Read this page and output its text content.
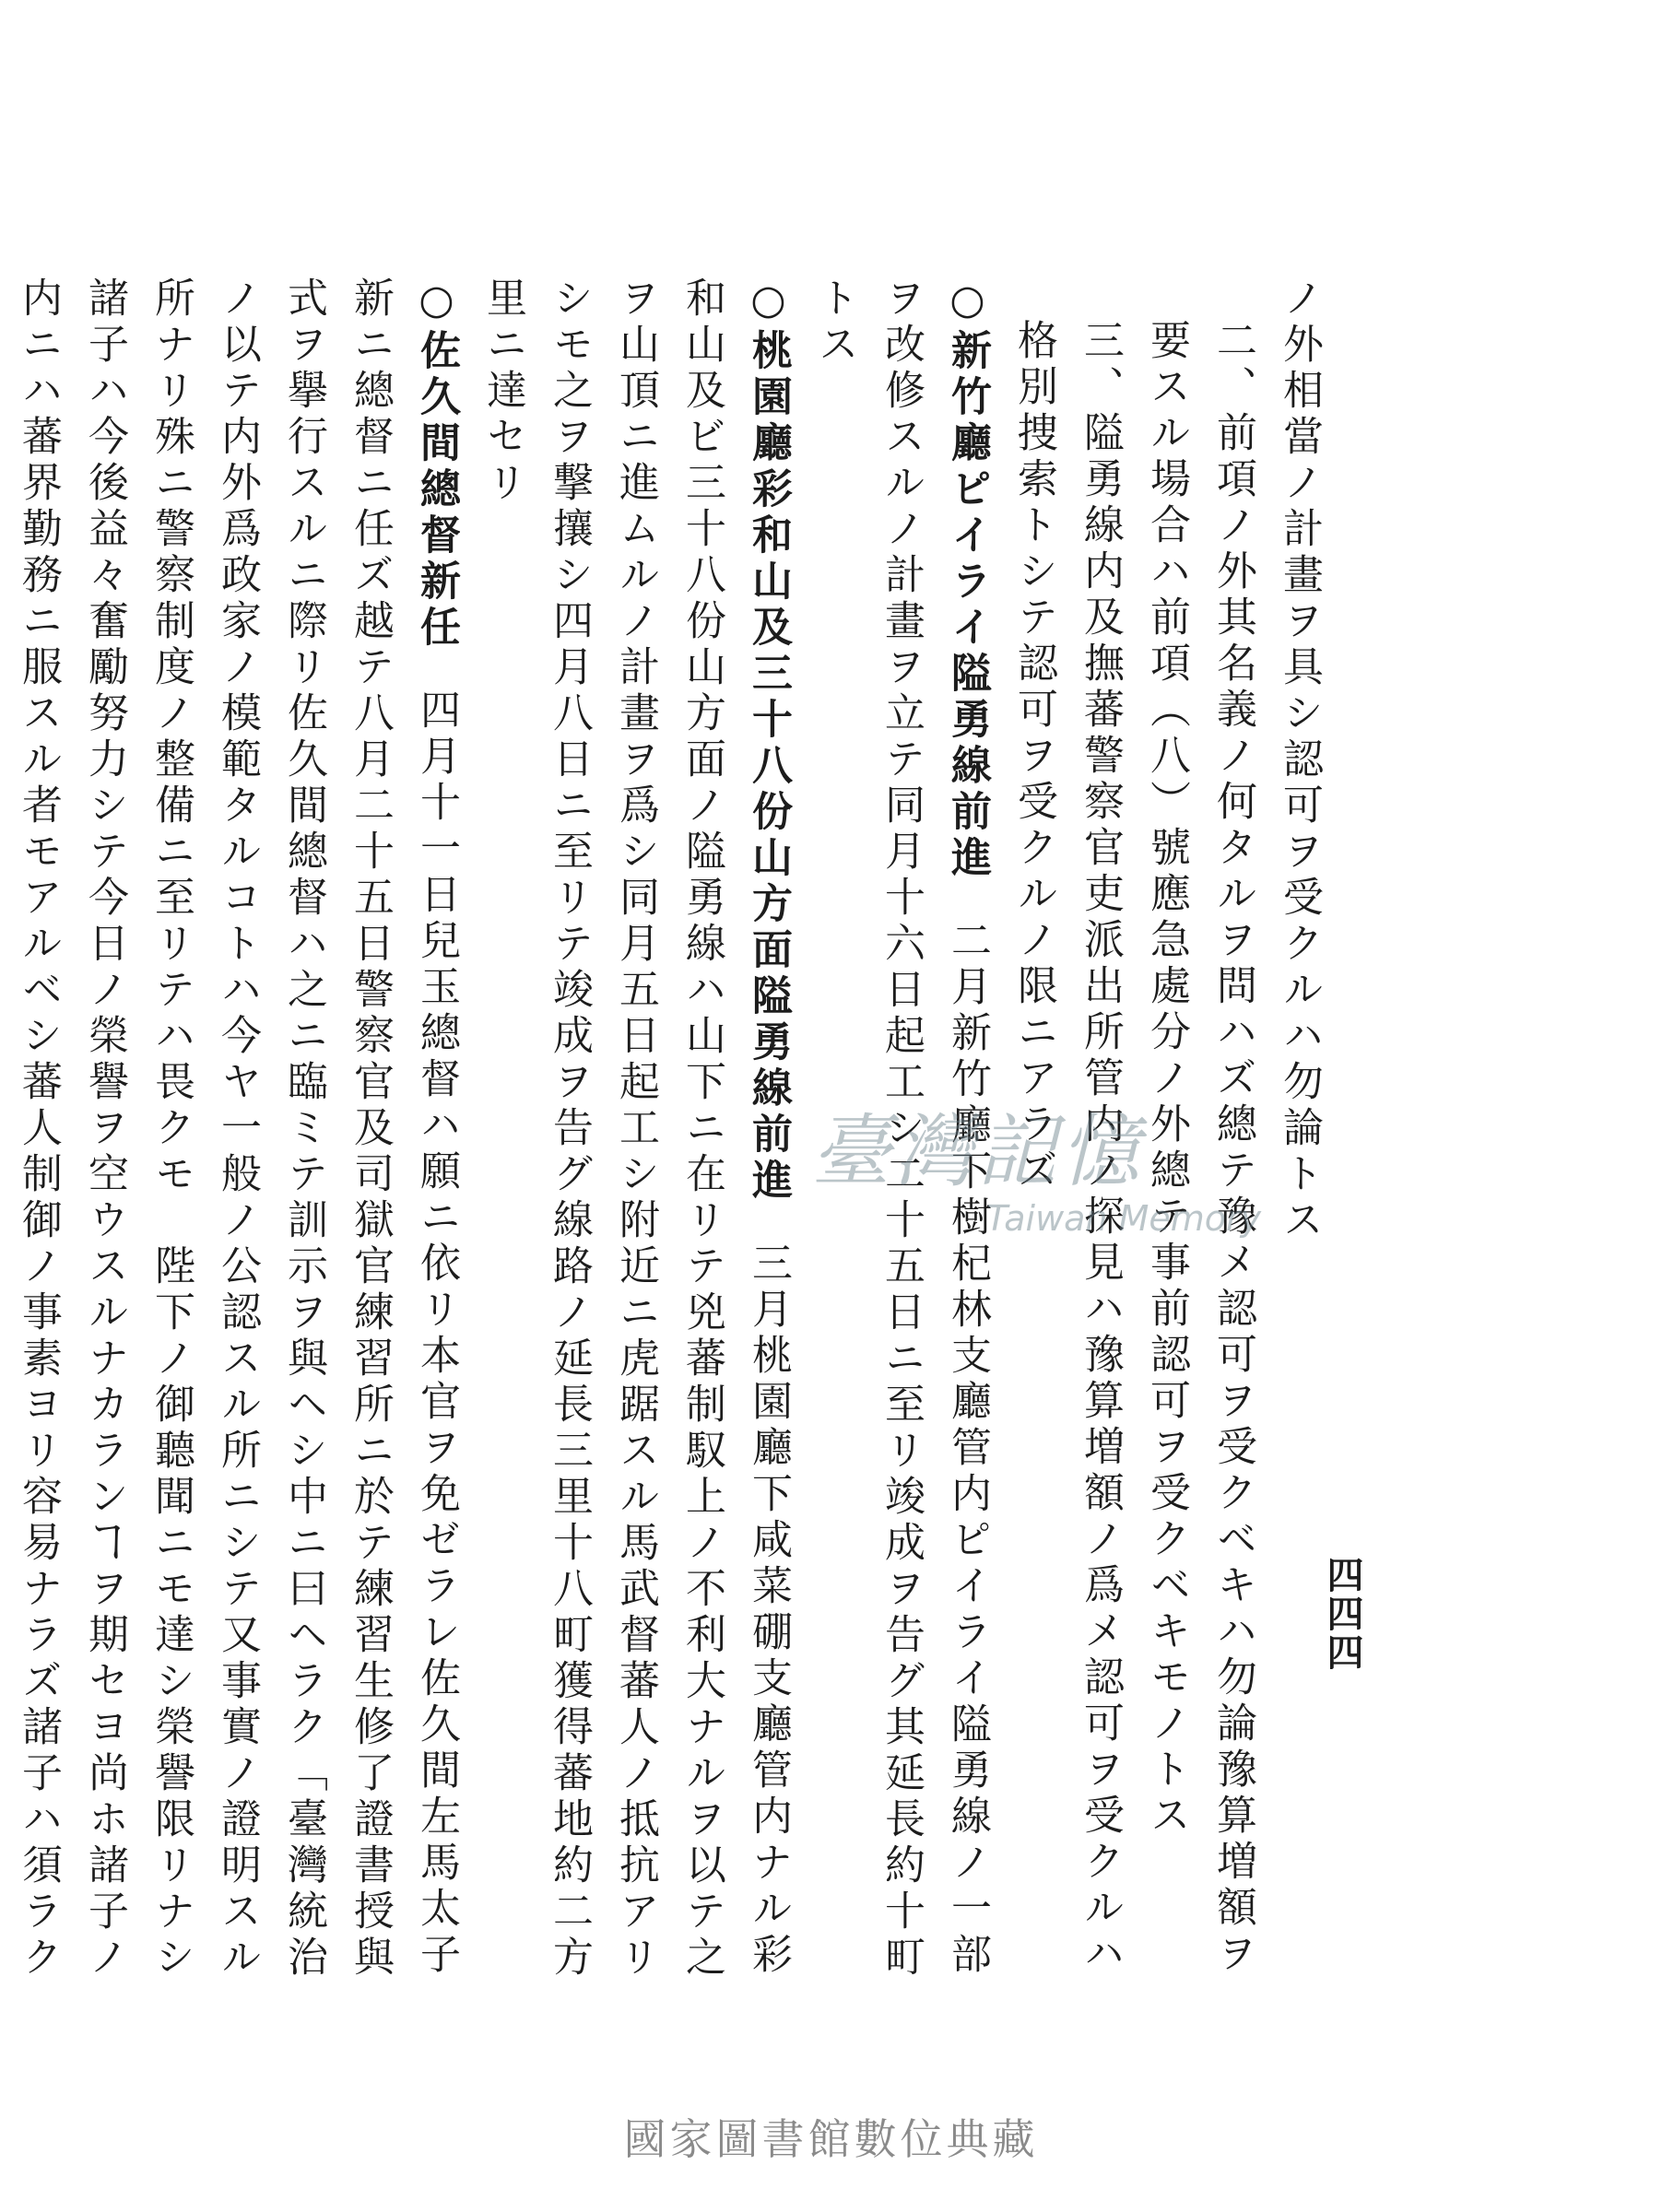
四四四

ノ外相當ノ計畫ヲ具シ認可ヲ受クルハ勿論トス

二、前項ノ外其名義ノ何タルヲ問ハズ總テ豫メ認可ヲ受クベキハ勿論豫算増額ヲ要スル場合ハ前項（八）號應急處分ノ外總テ事前認可ヲ受クベキモノトス

三、隘勇線内及撫蕃警察官吏派出所管内ノ探見ハ豫算増額ノ爲メ認可ヲ受クルハ格別捜索トシテ認可ヲ受クルノ限ニアラズ

○新竹廳ピイライ隘勇線前進二月新竹廳下樹杞林支廳管内ピイライ隘勇線ノ一部ヲ改修スルノ計畫ヲ立テ同月十六日起工シ二十五日ニ至リ竣成ヲ告グ其延長約十町トス

○桃園廳彩和山及三十八份山方面隘勇線前進三月桃園廳下咸菜硼支廳管内ナル彩和山及ビ三十八份山方面ノ隘勇線ハ山下ニ在リテ兇蕃制馭上ノ不利大ナルヲ以テ之ヲ山頂ニ進ムルノ計畫ヲ爲シ同月五日起工シ附近ニ虎踞スル馬武督蕃人ノ抵抗アリシモ之ヲ撃攘シ四月八日ニ至リテ竣成ヲ告グ線路ノ延長三里十八町獲得蕃地約二方里ニ達セリ

○佐久間總督新任四月十一日兒玉總督ハ願ニ依リ本官ヲ免ゼラレ佐久間左馬太子新ニ總督ニ任ズ越テ八月二十五日警察官及司獄官練習所ニ於テ練習生修了證書授與式ヲ擧行スルニ際リ佐久間總督ハ之ニ臨ミテ訓示ヲ與ヘシ中ニ曰ヘラク「臺灣統治ノ以テ内外爲政家ノ模範タルコトハ今ヤ一般ノ公認スル所ニシテ又事實ノ證明スル所ナリ殊ニ警察制度ノ整備ニ至リテハ畏クモ　陛下ノ御聽聞ニモ達シ榮譽限リナシ諸子ハ今後益々奮勵努力シテ今日ノ榮譽ヲ空ウスルナカランヿヲ期セヨ尚ホ諸子ノ内ニハ蕃界勤務ニ服スル者モアルベシ蕃人制御ノ事素ヨリ容易ナラズ諸子ハ須ラク

臺灣記憶
Taiwan Memory
國家圖書館數位典藏
